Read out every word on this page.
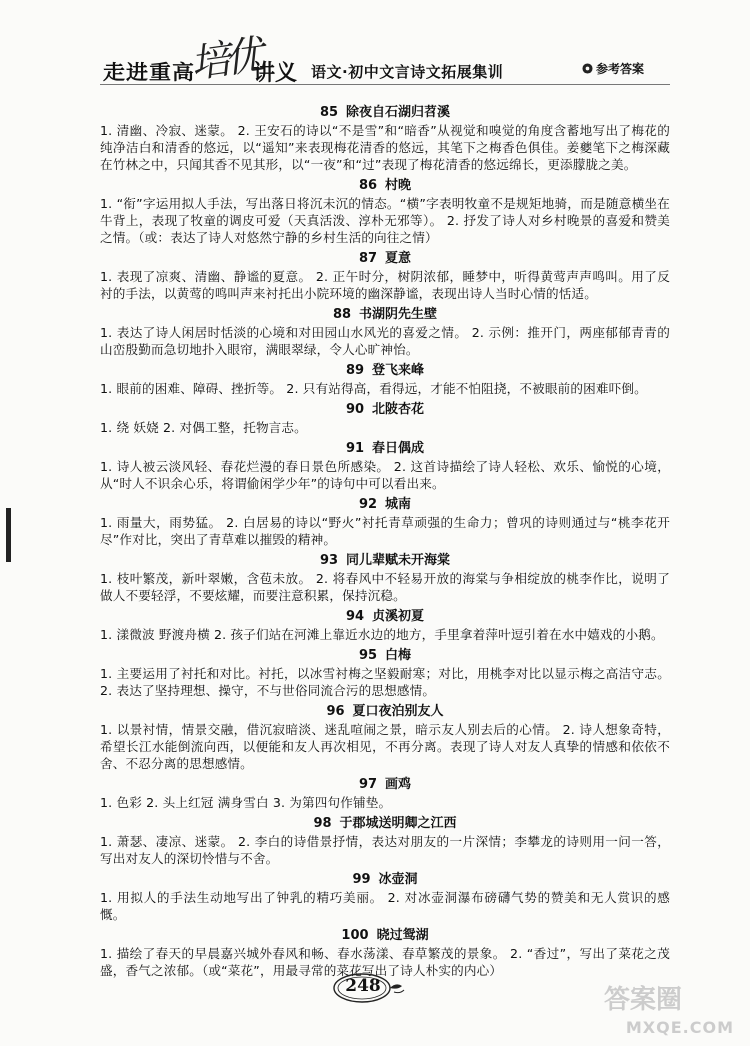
走进重高
培优
讲义 语文·初中文言诗文拓展集训	参考答案
85 除夜自石湖归苕溪
1. 清幽、冷寂、迷蒙。 2. 王安石的诗以“不是雪”和“暗香”从视觉和嗅觉的角度含蓄地写出了梅花的纯净洁白和清香的悠远，以“遥知”来表现梅花清香的悠远，其笔下之梅香色俱佳。姜夔笔下之梅深藏在竹林之中，只闻其香不见其形，以“一夜”和“过”表现了梅花清香的悠远绵长，更添朦胧之美。
86 村晚
1. “衔”字运用拟人手法，写出落日将沉未沉的情态。“横”字表明牧童不是规矩地骑，而是随意横坐在牛背上，表现了牧童的调皮可爱（天真活泼、淳朴无邪等）。 2. 抒发了诗人对乡村晚景的喜爱和赞美之情。（或：表达了诗人对悠然宁静的乡村生活的向往之情）
87 夏意
1. 表现了凉爽、清幽、静谧的夏意。 2. 正午时分，树阴浓郁，睡梦中，听得黄莺声声鸣叫。用了反衬的手法，以黄莺的鸣叫声来衬托出小院环境的幽深静谧，表现出诗人当时心情的恬适。
88 书湖阴先生壁
1. 表达了诗人闲居时恬淡的心境和对田园山水风光的喜爱之情。 2. 示例：推开门，两座郁郁青青的山峦殷勤而急切地扑入眼帘，满眼翠绿，令人心旷神怡。
89 登飞来峰
1. 眼前的困难、障碍、挫折等。 2. 只有站得高，看得远，才能不怕阻挠，不被眼前的困难吓倒。
90 北陂杏花
1. 绕 妖娆 2. 对偶工整，托物言志。
91 春日偶成
1. 诗人被云淡风轻、春花烂漫的春日景色所感染。 2. 这首诗描绘了诗人轻松、欢乐、愉悦的心境，从“时人不识余心乐，将谓偷闲学少年”的诗句中可以看出来。
92 城南
1. 雨量大，雨势猛。 2. 白居易的诗以“野火”衬托青草顽强的生命力；曾巩的诗则通过与“桃李花开尽”作对比，突出了青草难以摧毁的精神。
93 同儿辈赋未开海棠
1. 枝叶繁茂，新叶翠嫩，含苞未放。 2. 将春风中不轻易开放的海棠与争相绽放的桃李作比，说明了做人不要轻浮，不要炫耀，而要注意积累，保持沉稳。
94 贞溪初夏
1. 漾微波 野渡舟横 2. 孩子们站在河滩上靠近水边的地方，手里拿着萍叶逗引着在水中嬉戏的小鹅。
95 白梅
1. 主要运用了衬托和对比。衬托，以冰雪衬梅之坚毅耐寒；对比，用桃李对比以显示梅之高洁守志。 2. 表达了坚持理想、操守，不与世俗同流合污的思想感情。
96 夏口夜泊别友人
1. 以景衬情，情景交融，借沉寂暗淡、迷乱喧闹之景，暗示友人别去后的心情。 2. 诗人想象奇特，希望长江水能倒流向西，以便能和友人再次相见，不再分离。表现了诗人对友人真挚的情感和依依不舍、不忍分离的思想感情。
97 画鸡
1. 色彩 2. 头上红冠 满身雪白 3. 为第四句作铺垫。
98 于郡城送明卿之江西
1. 萧瑟、凄凉、迷蒙。 2. 李白的诗借景抒情，表达对朋友的一片深情；李攀龙的诗则用一问一答，写出对友人的深切怜惜与不舍。
99 冰壶洞
1. 用拟人的手法生动地写出了钟乳的精巧美丽。 2. 对冰壶洞瀑布磅礴气势的赞美和无人赏识的感慨。
100 晓过鸳湖
1. 描绘了春天的早晨嘉兴城外春风和畅、春水荡漾、春草繁茂的景象。 2. “香过”，写出了菜花之茂盛，香气之浓郁。（或“菜花”，用最寻常的菜花写出了诗人朴实的内心）
248	答案圈
MXQE.COM
